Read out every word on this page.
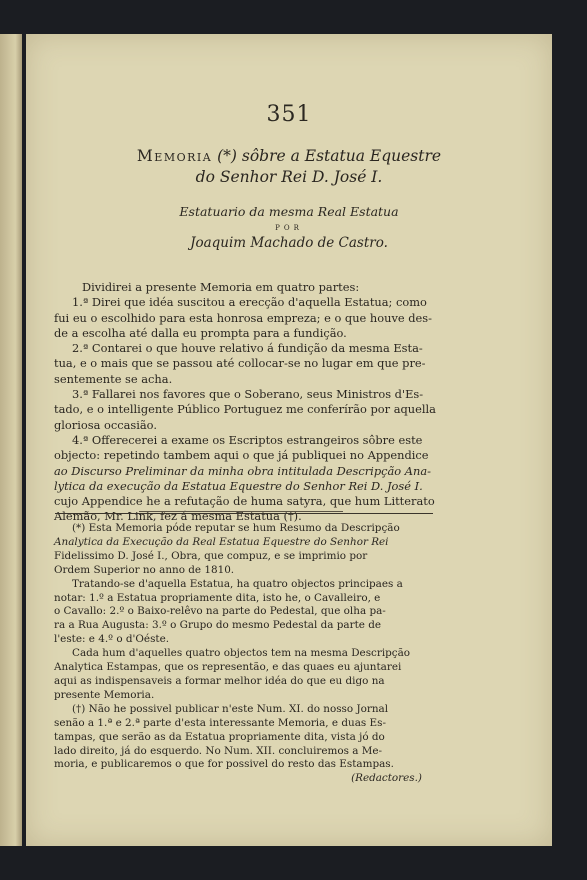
351
Memoria (*) sôbre a Estatua Equestre
do Senhor Rei D. José I.
Estatuario da mesma Real Estatua
POR
Joaquim Machado de Castro.
Dividirei a presente Memoria em quatro partes:
1.ª Direi que idéa suscitou a erecção d'aquella Estatua; como
fui eu o escolhido para esta honrosa empreza; e o que houve des-
de a escolha até dalla eu prompta para a fundição.
2.ª Contarei o que houve relativo á fundição da mesma Esta-
tua, e o mais que se passou até collocar-se no lugar em que pre-
sentemente se acha.
3.ª Fallarei nos favores que o Soberano, seus Ministros d'Es-
tado, e o intelligente Público Portuguez me conferírão por aquella
gloriosa occasião.
4.ª Offerecerei a exame os Escriptos estrangeiros sôbre este
objecto: repetindo tambem aqui o que já publiquei no Appendice
ao Discurso Preliminar da minha obra intitulada Descripção Ana-
lytica da execução da Estatua Equestre do Senhor Rei D. José I.
cujo Appendice he a refutação de huma satyra, que hum Litterato
Alemão, Mr. Link, fez á mesma Estatua (†).
(*) Esta Memoria póde reputar se hum Resumo da Descripção
Analytica da Execução da Real Estatua Equestre do Senhor Rei
Fidelissimo D. José I., Obra, que compuz, e se imprimio por
Ordem Superior no anno de 1810.
Tratando-se d'aquella Estatua, ha quatro objectos principaes a
notar: 1.º a Estatua propriamente dita, isto he, o Cavalleiro, e
o Cavallo: 2.º o Baixo-relêvo na parte do Pedestal, que olha pa-
ra a Rua Augusta: 3.º o Grupo do mesmo Pedestal da parte de
l'este: e 4.º o d'Oéste.
Cada hum d'aquelles quatro objectos tem na mesma Descripção
Analytica Estampas, que os representão, e das quaes eu ajuntarei
aqui as indispensaveis a formar melhor idéa do que eu digo na
presente Memoria.
(†) Não he possivel publicar n'este Num. XI. do nosso Jornal
senão a 1.ª e 2.ª parte d'esta interessante Memoria, e duas Es-
tampas, que serão as da Estatua propriamente dita, vista jó do
lado direito, já do esquerdo. No Num. XII. concluiremos a Me-
moria, e publicaremos o que for possivel do resto das Estampas.
(Redactores.)
